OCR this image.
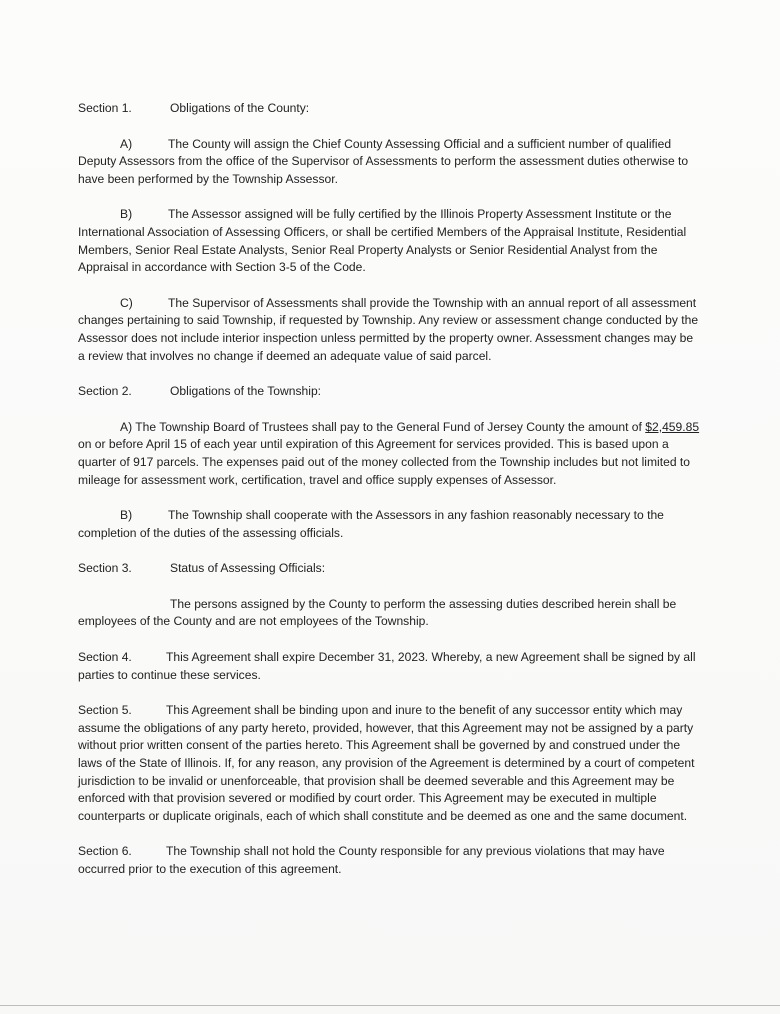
Section 1.	Obligations of the County:

A)	The County will assign the Chief County Assessing Official and a sufficient number of qualified Deputy Assessors from the office of the Supervisor of Assessments to perform the assessment duties otherwise to have been performed by the Township Assessor.

B)	The Assessor assigned will be fully certified by the Illinois Property Assessment Institute or the International Association of Assessing Officers, or shall be certified Members of the Appraisal Institute, Residential Members, Senior Real Estate Analysts, Senior Real Property Analysts or Senior Residential Analyst from the Appraisal in accordance with Section 3-5 of the Code.

C)	The Supervisor of Assessments shall provide the Township with an annual report of all assessment changes pertaining to said Township, if requested by Township. Any review or assessment change conducted by the Assessor does not include interior inspection unless permitted by the property owner. Assessment changes may be a review that involves no change if deemed an adequate value of said parcel.

Section 2.	Obligations of the Township:

A) The Township Board of Trustees shall pay to the General Fund of Jersey County the amount of $2,459.85 on or before April 15 of each year until expiration of this Agreement for services provided. This is based upon a quarter of 917 parcels. The expenses paid out of the money collected from the Township includes but not limited to mileage for assessment work, certification, travel and office supply expenses of Assessor.

B)	The Township shall cooperate with the Assessors in any fashion reasonably necessary to the completion of the duties of the assessing officials.

Section 3.	Status of Assessing Officials:

The persons assigned by the County to perform the assessing duties described herein shall be employees of the County and are not employees of the Township.

Section 4.	This Agreement shall expire December 31, 2023. Whereby, a new Agreement shall be signed by all parties to continue these services.

Section 5.	This Agreement shall be binding upon and inure to the benefit of any successor entity which may assume the obligations of any party hereto, provided, however, that this Agreement may not be assigned by a party without prior written consent of the parties hereto. This Agreement shall be governed by and construed under the laws of the State of Illinois. If, for any reason, any provision of the Agreement is determined by a court of competent jurisdiction to be invalid or unenforceable, that provision shall be deemed severable and this Agreement may be enforced with that provision severed or modified by court order. This Agreement may be executed in multiple counterparts or duplicate originals, each of which shall constitute and be deemed as one and the same document.

Section 6.	The Township shall not hold the County responsible for any previous violations that may have occurred prior to the execution of this agreement.
